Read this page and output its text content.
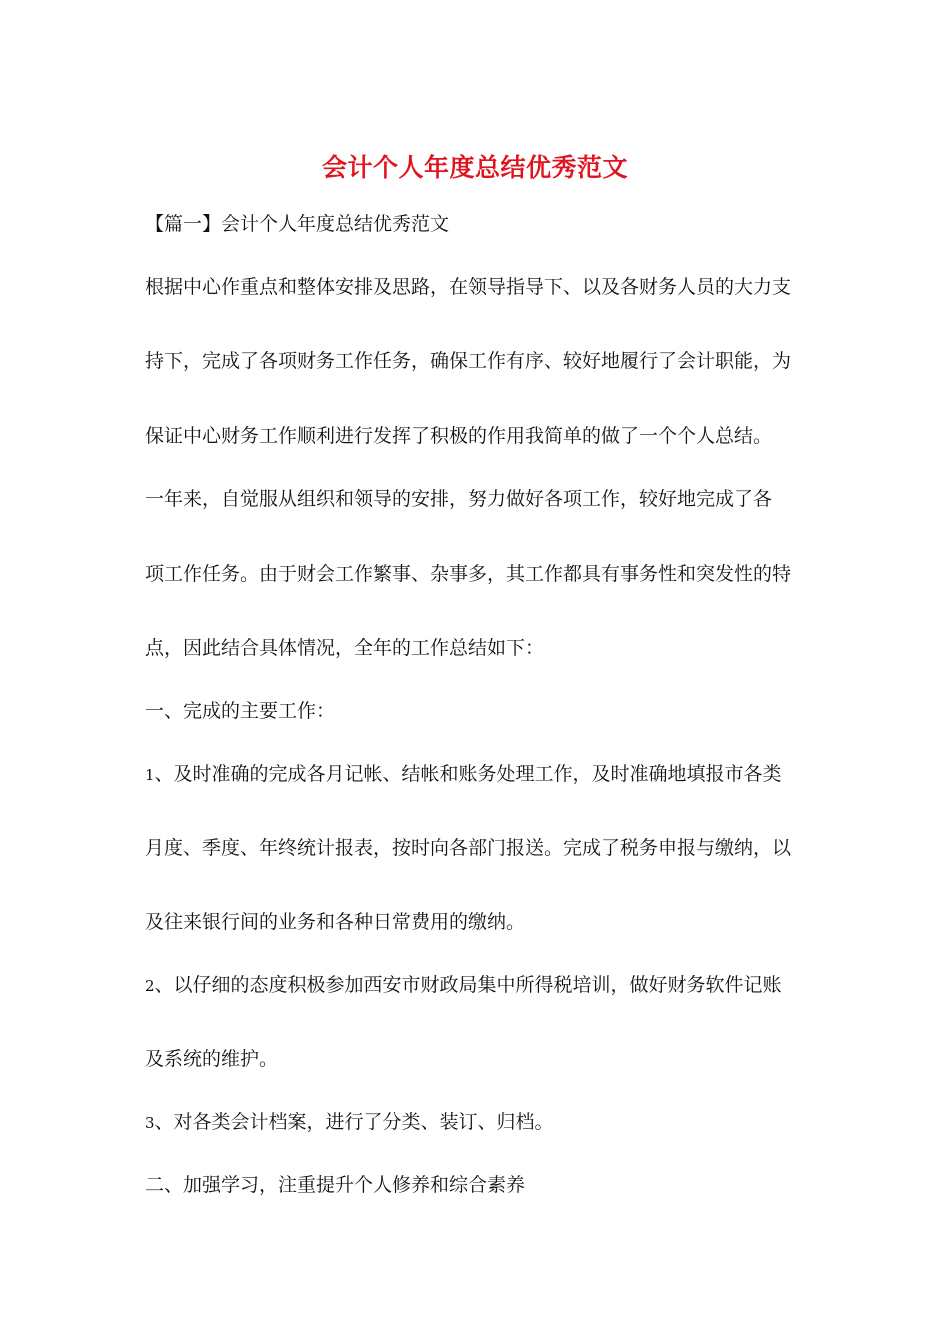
会计个人年度总结优秀范文
【篇一】会计个人年度总结优秀范文
根据中心作重点和整体安排及思路，在领导指导下、以及各财务人员的大力支
持下，完成了各项财务工作任务，确保工作有序、较好地履行了会计职能，为
保证中心财务工作顺利进行发挥了积极的作用我简单的做了一个个人总结。
一年来，自觉服从组织和领导的安排，努力做好各项工作，较好地完成了各
项工作任务。由于财会工作繁事、杂事多，其工作都具有事务性和突发性的特
点，因此结合具体情况，全年的工作总结如下：
一、完成的主要工作：
1、及时准确的完成各月记帐、结帐和账务处理工作，及时准确地填报市各类
月度、季度、年终统计报表，按时向各部门报送。完成了税务申报与缴纳，以
及往来银行间的业务和各种日常费用的缴纳。
2、以仔细的态度积极参加西安市财政局集中所得税培训，做好财务软件记账
及系统的维护。
3、对各类会计档案，进行了分类、装订、归档。
二、加强学习，注重提升个人修养和综合素养
